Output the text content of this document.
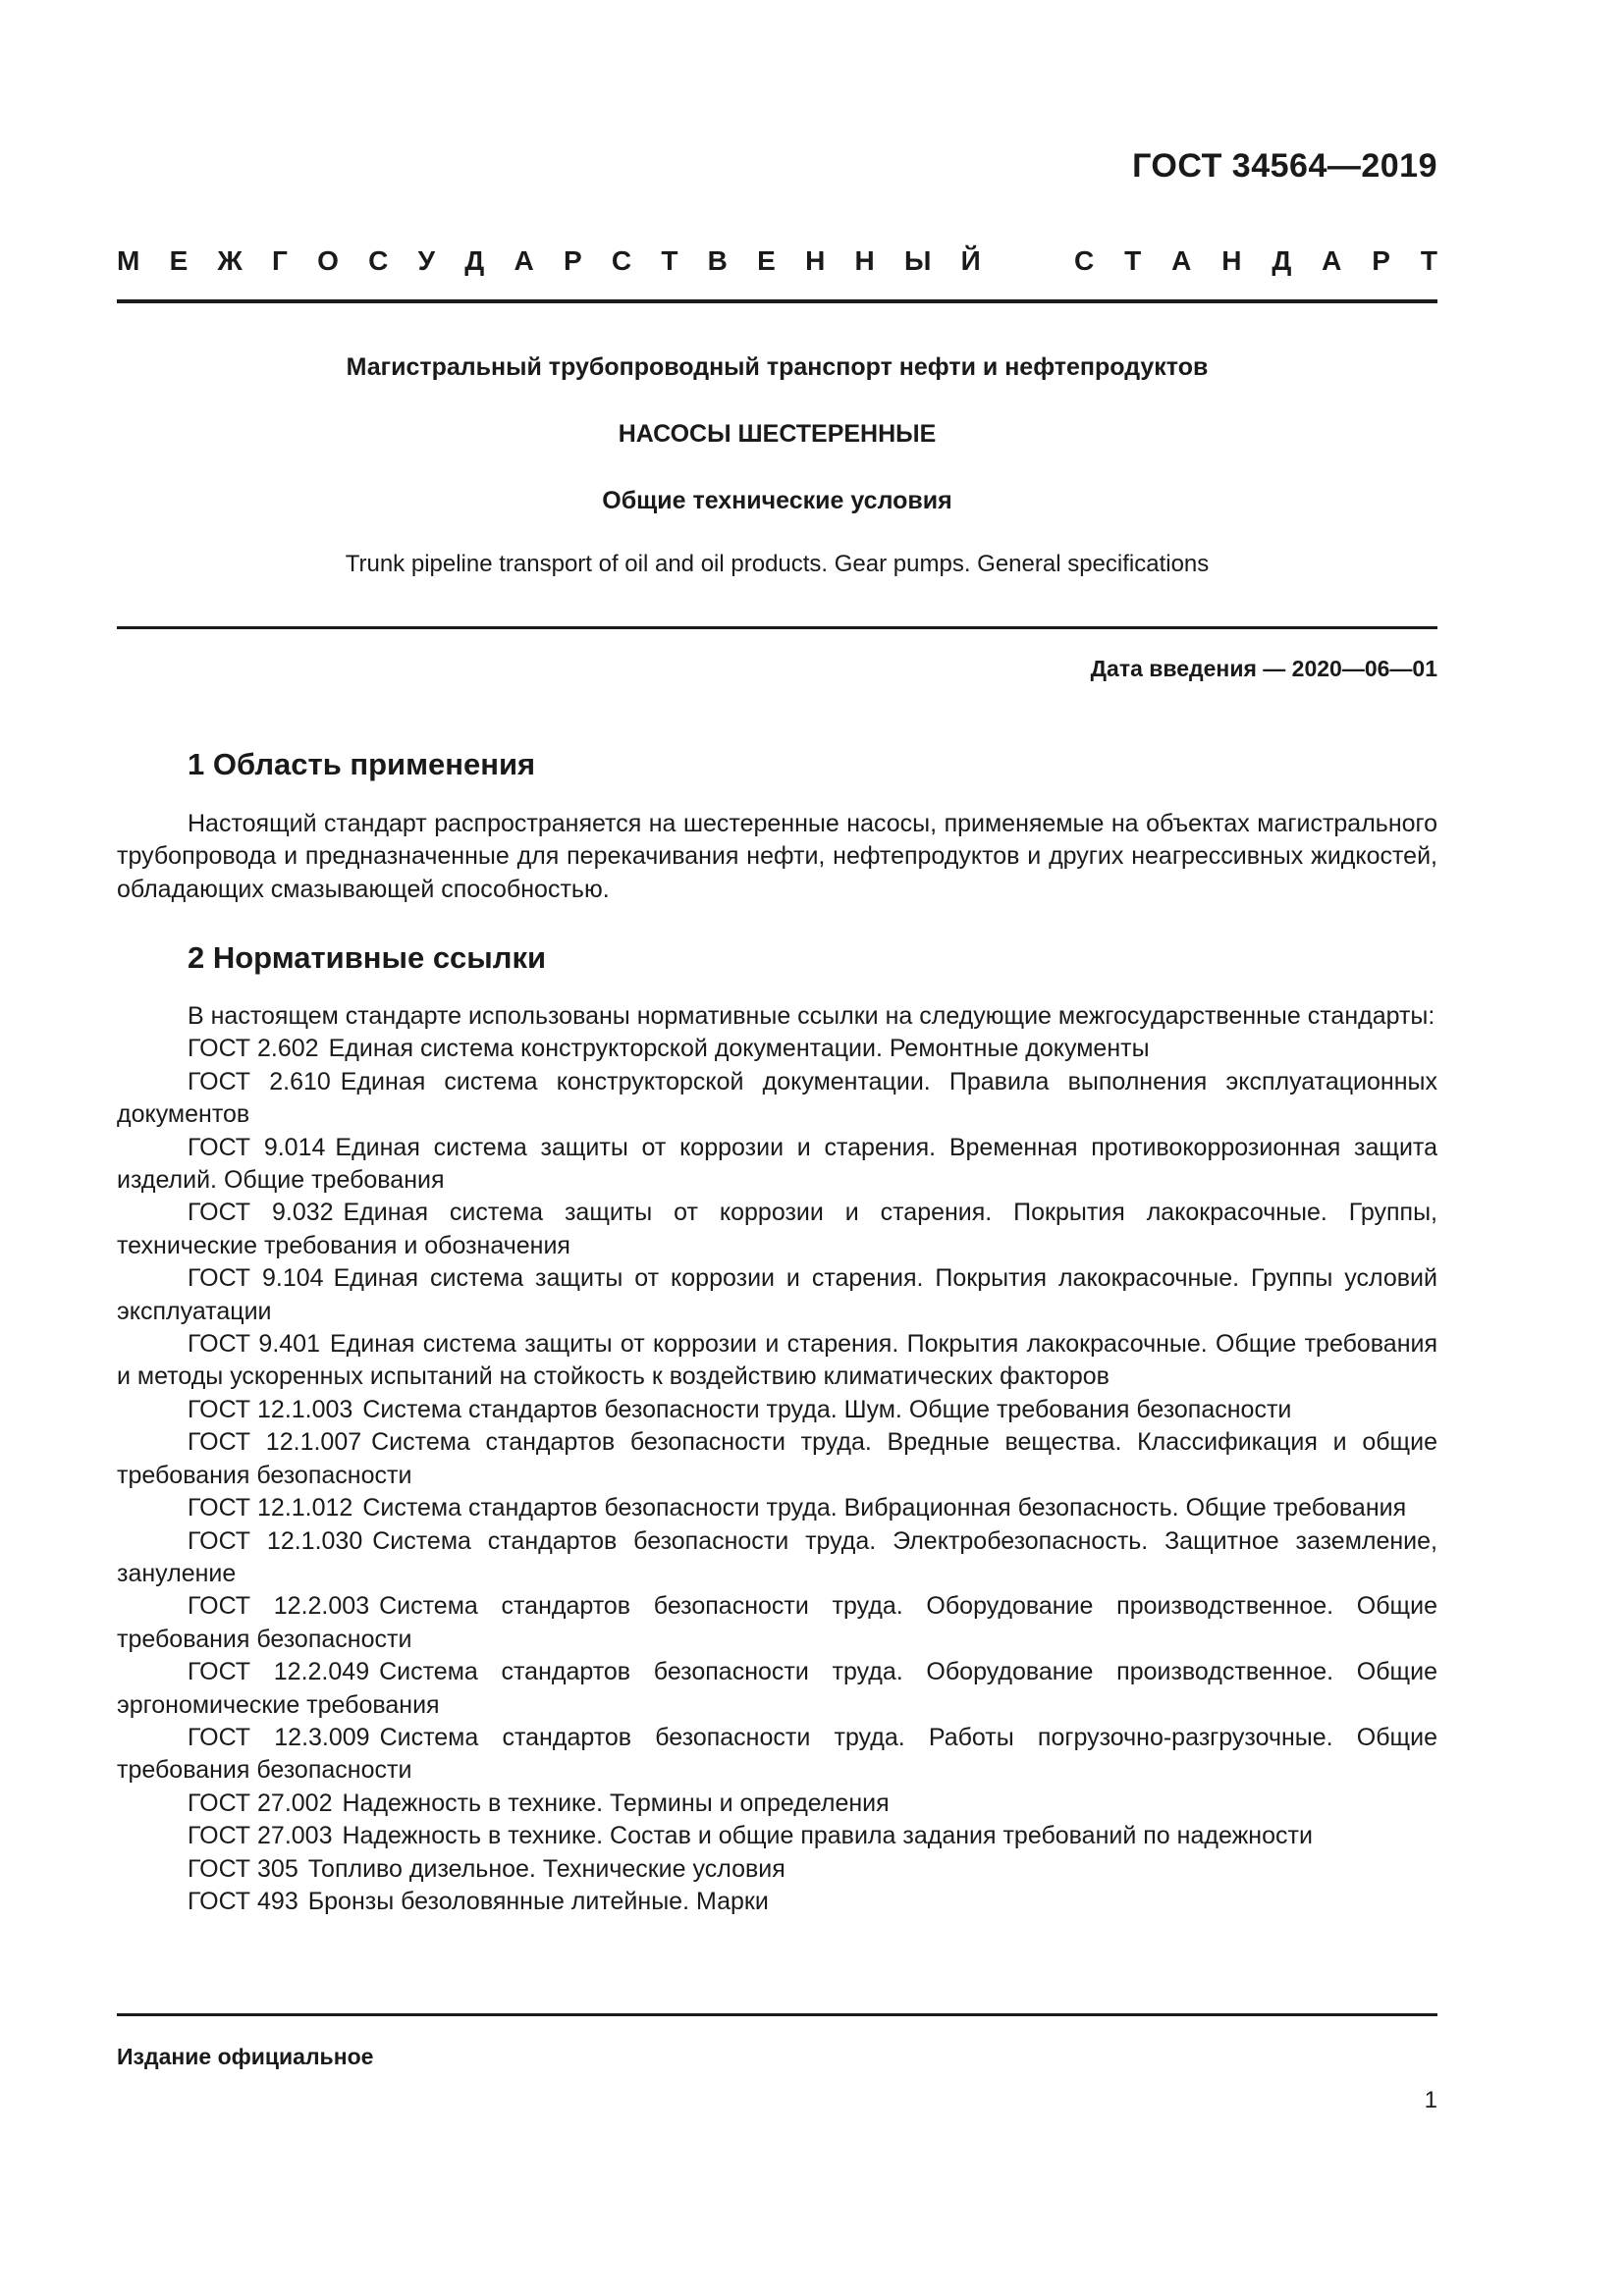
ГОСТ 34564—2019
М Е Ж Г О С У Д А Р С Т В Е Н Н Ы Й	С Т А Н Д А Р Т
Магистральный трубопроводный транспорт нефти и нефтепродуктов
НАСОСЫ ШЕСТЕРЕННЫЕ
Общие технические условия
Trunk pipeline transport of oil and oil products. Gear pumps. General specifications
Дата введения — 2020—06—01
1 Область применения

Настоящий стандарт распространяется на шестеренные насосы, применяемые на объектах магистрального трубопровода и предназначенные для перекачивания нефти, нефтепродуктов и других неагрессивных жидкостей, обладающих смазывающей способностью.

2 Нормативные ссылки

В настоящем стандарте использованы нормативные ссылки на следующие межгосударственные стандарты:

ГОСТ 2.602 Единая система конструкторской документации. Ремонтные документы

ГОСТ 2.610 Единая система конструкторской документации. Правила выполнения эксплуатационных документов

ГОСТ 9.014 Единая система защиты от коррозии и старения. Временная противокоррозионная защита изделий. Общие требования

ГОСТ 9.032 Единая система защиты от коррозии и старения. Покрытия лакокрасочные. Группы, технические требования и обозначения

ГОСТ 9.104 Единая система защиты от коррозии и старения. Покрытия лакокрасочные. Группы условий эксплуатации

ГОСТ 9.401 Единая система защиты от коррозии и старения. Покрытия лакокрасочные. Общие требования и методы ускоренных испытаний на стойкость к воздействию климатических факторов

ГОСТ 12.1.003 Система стандартов безопасности труда. Шум. Общие требования безопасности

ГОСТ 12.1.007 Система стандартов безопасности труда. Вредные вещества. Классификация и общие требования безопасности

ГОСТ 12.1.012 Система стандартов безопасности труда. Вибрационная безопасность. Общие требования

ГОСТ 12.1.030 Система стандартов безопасности труда. Электробезопасность. Защитное заземление, зануление

ГОСТ 12.2.003 Система стандартов безопасности труда. Оборудование производственное. Общие требования безопасности

ГОСТ 12.2.049 Система стандартов безопасности труда. Оборудование производственное. Общие эргономические требования

ГОСТ 12.3.009 Система стандартов безопасности труда. Работы погрузочно-разгрузочные. Общие требования безопасности

ГОСТ 27.002 Надежность в технике. Термины и определения

ГОСТ 27.003 Надежность в технике. Состав и общие правила задания требований по надежности

ГОСТ 305 Топливо дизельное. Технические условия

ГОСТ 493 Бронзы безоловянные литейные. Марки

Издание официальное
1
